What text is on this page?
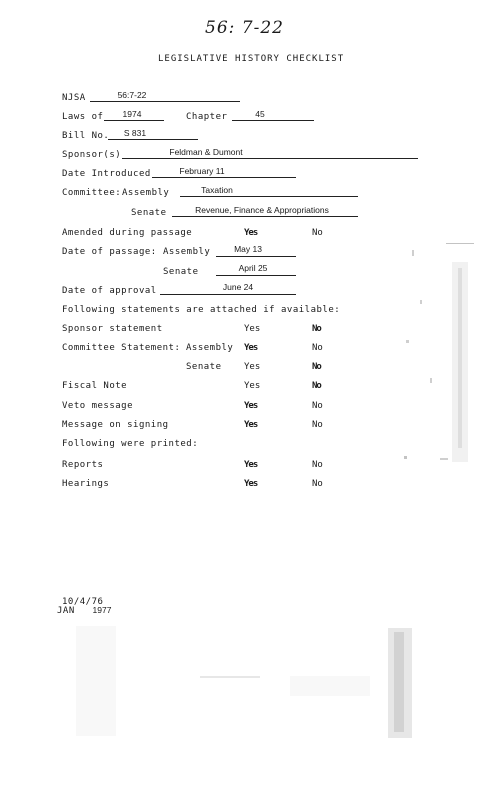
56: 7-22
LEGISLATIVE HISTORY CHECKLIST
NJSA	56:7-22
Laws of	1974	Chapter	45
Bill No.	S 831
Sponsor(s)	Feldman & Dumont
Date Introduced	February 11
Committee: Assembly	Taxation
Senate	Revenue, Finance & Appropriations
Amended during passage	Yes	No
Date of passage: Assembly	May 13
Senate	April 25
Date of approval	June 24
Following statements are attached if available:
Sponsor statement	Yes	No
Committee Statement: Assembly Yes	No
Senate Yes	No
Fiscal Note	Yes	No
Veto message	Yes	No
Message on signing	Yes	No
Following were printed:
Reports	Yes	No
Hearings	Yes	No
10/4/76
JAN 1977
